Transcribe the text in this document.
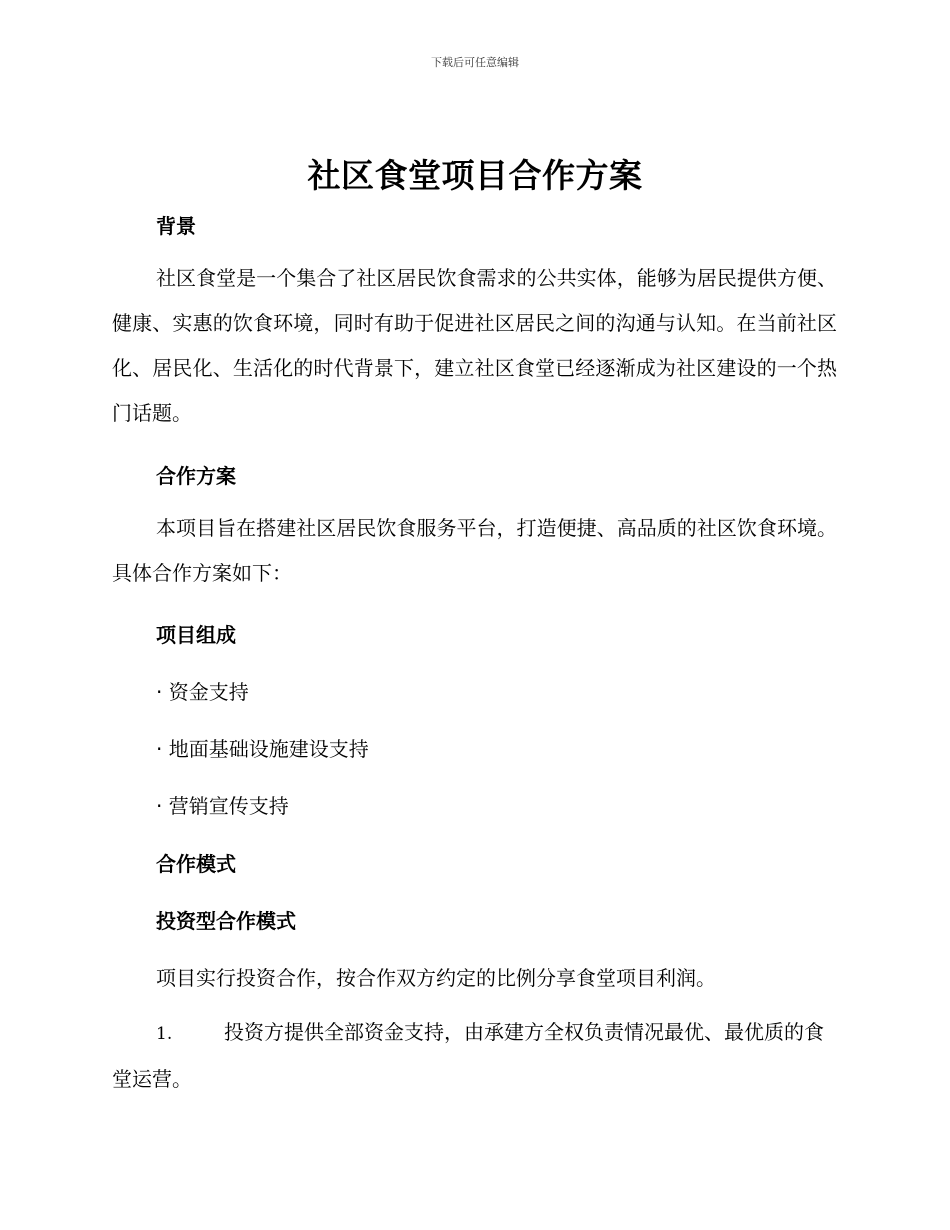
下载后可任意编辑
社区食堂项目合作方案
背景
社区食堂是一个集合了社区居民饮食需求的公共实体，能够为居民提供方便、健康、实惠的饮食环境，同时有助于促进社区居民之间的沟通与认知。在当前社区化、居民化、生活化的时代背景下，建立社区食堂已经逐渐成为社区建设的一个热门话题。
合作方案
本项目旨在搭建社区居民饮食服务平台，打造便捷、高品质的社区饮食环境。具体合作方案如下：
项目组成
· 资金支持
· 地面基础设施建设支持
· 营销宣传支持
合作模式
投资型合作模式
项目实行投资合作，按合作双方约定的比例分享食堂项目利润。
1.	投资方提供全部资金支持，由承建方全权负责情况最优、最优质的食堂运营。
